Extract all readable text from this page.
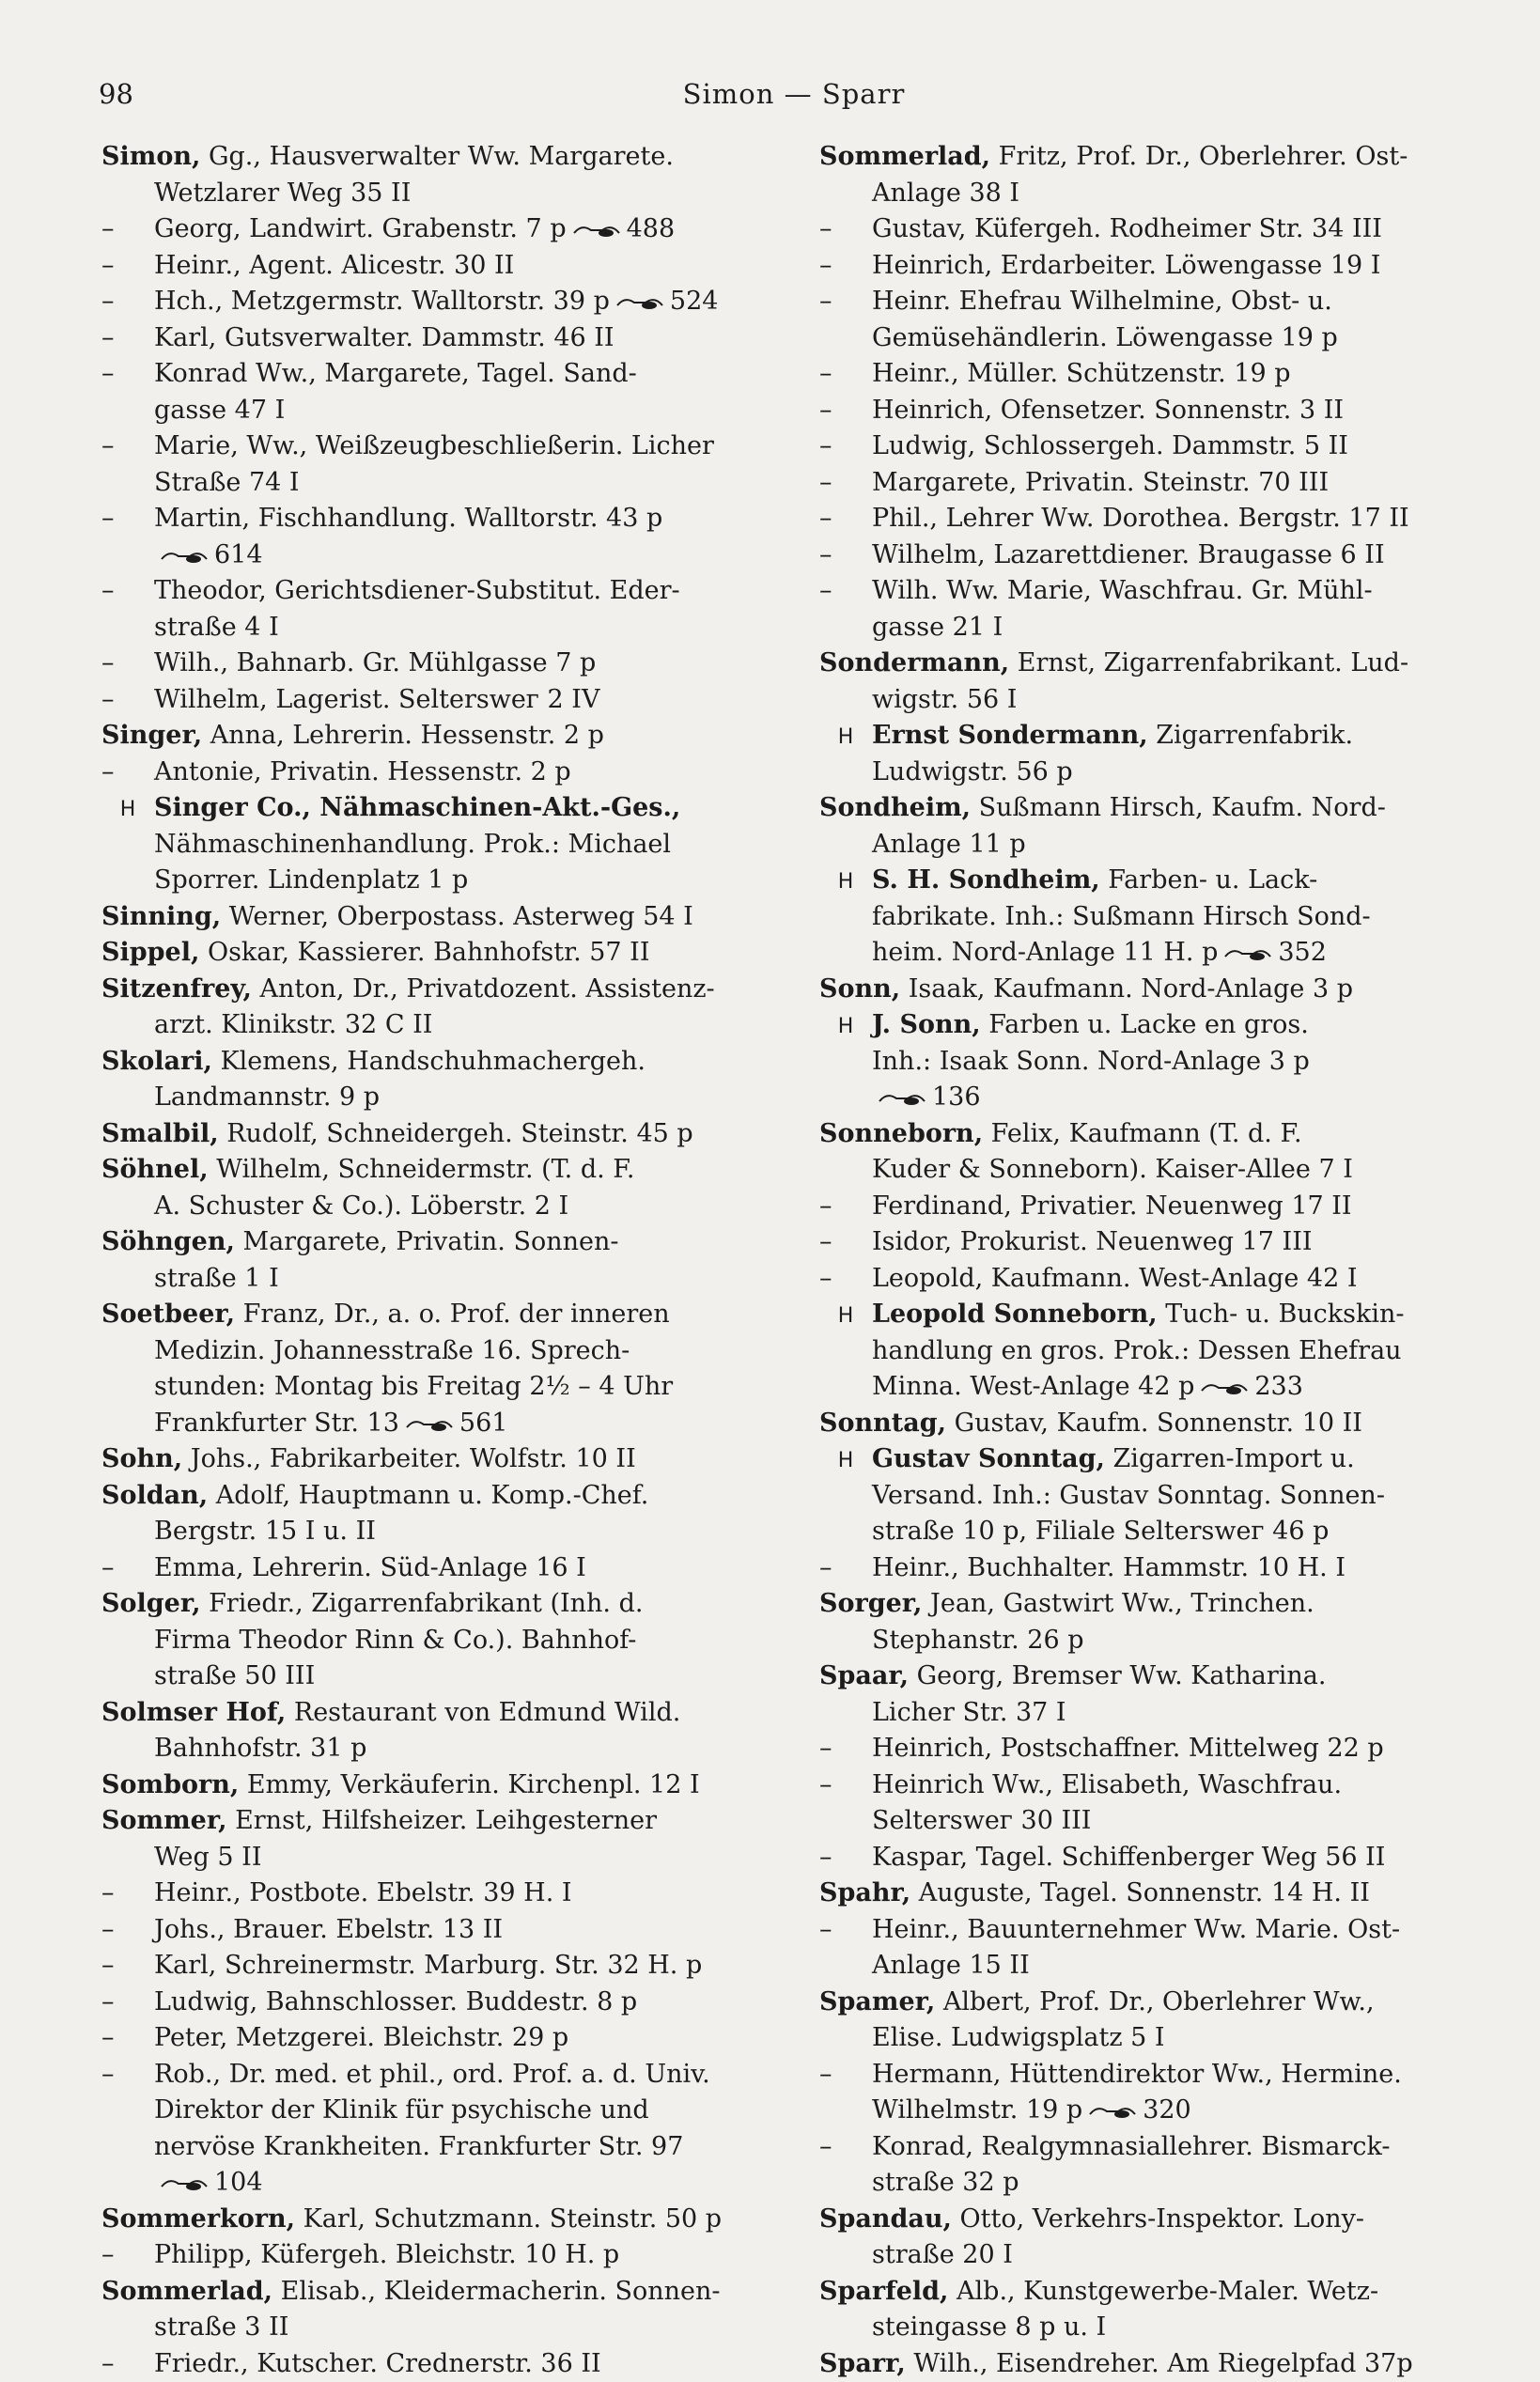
98	Simon — Sparr
Simon, Gg., Hausverwalter Ww. Margarete.
Wetzlarer Weg 35 II
– Georg, Landwirt. Grabenstr. 7 p 488
– Heinr., Agent. Alicestr. 30 II
– Hch., Metzgermstr. Walltorstr. 39 p 524
– Karl, Gutsverwalter. Dammstr. 46 II
– Konrad Ww., Margarete, Tagel. Sand-
gasse 47 I
– Marie, Ww., Weißzeugbeschließerin. Licher
Straße 74 I
– Martin, Fischhandlung. Walltorstr. 43 p
614
– Theodor, Gerichtsdiener-Substitut. Eder-
straße 4 I
– Wilh., Bahnarb. Gr. Mühlgasse 7 p
– Wilhelm, Lagerist. Selterswег 2 IV
Singer, Anna, Lehrerin. Hessenstr. 2 p
– Antonie, Privatin. Hessenstr. 2 p
H Singer Co., Nähmaschinen-Akt.-Ges.,
Nähmaschinenhandlung. Prok.: Michael
Sporrer. Lindenplatz 1 p
Sinning, Werner, Oberpostass. Asterweg 54 I
Sippel, Oskar, Kassierer. Bahnhofstr. 57 II
Sitzenfrey, Anton, Dr., Privatdozent. Assistenz-
arzt. Klinikstr. 32 C II
Skolari, Klemens, Handschuhmachergeh.
Landmannstr. 9 p
Smalbil, Rudolf, Schneidergeh. Steinstr. 45 p
Söhnel, Wilhelm, Schneidermstr. (T. d. F.
A. Schuster & Co.). Löberstr. 2 I
Söhngen, Margarete, Privatin. Sonnen-
straße 1 I
Soetbeer, Franz, Dr., a. o. Prof. der inneren
Medizin. Johannesstraße 16. Sprech-
stunden: Montag bis Freitag 2½ – 4 Uhr
Frankfurter Str. 13 561
Sohn, Johs., Fabrikarbeiter. Wolfstr. 10 II
Soldan, Adolf, Hauptmann u. Komp.-Chef.
Bergstr. 15 I u. II
– Emma, Lehrerin. Süd-Anlage 16 I
Solger, Friedr., Zigarrenfabrikant (Inh. d.
Firma Theodor Rinn & Co.). Bahnhof-
straße 50 III
Solmser Hof, Restaurant von Edmund Wild.
Bahnhofstr. 31 p
Somborn, Emmy, Verkäuferin. Kirchenpl. 12 I
Sommer, Ernst, Hilfsheizer. Leihgesterner
Weg 5 II
– Heinr., Postbote. Ebelstr. 39 H. I
– Johs., Brauer. Ebelstr. 13 II
– Karl, Schreinermstr. Marburg. Str. 32 H. p
– Ludwig, Bahnschlosser. Buddestr. 8 p
– Peter, Metzgerei. Bleichstr. 29 p
– Rob., Dr. med. et phil., ord. Prof. a. d. Univ.
Direktor der Klinik für psychische und
nervöse Krankheiten. Frankfurter Str. 97
104
Sommerkorn, Karl, Schutzmann. Steinstr. 50 p
– Philipp, Küfergeh. Bleichstr. 10 H. p
Sommerlad, Elisab., Kleidermacherin. Sonnen-
straße 3 II
– Friedr., Kutscher. Crednerstr. 36 II
Sommerlad, Fritz, Prof. Dr., Oberlehrer. Ost-
Anlage 38 I
– Gustav, Küfergeh. Rodheimer Str. 34 III
– Heinrich, Erdarbeiter. Löwengasse 19 I
– Heinr. Ehefrau Wilhelmine, Obst- u.
Gemüsehändlerin. Löwengasse 19 p
– Heinr., Müller. Schützenstr. 19 p
– Heinrich, Ofensetzer. Sonnenstr. 3 II
– Ludwig, Schlossergeh. Dammstr. 5 II
– Margarete, Privatin. Steinstr. 70 III
– Phil., Lehrer Ww. Dorothea. Bergstr. 17 II
– Wilhelm, Lazarettdiener. Braugasse 6 II
– Wilh. Ww. Marie, Waschfrau. Gr. Mühl-
gasse 21 I
Sondermann, Ernst, Zigarrenfabrikant. Lud-
wigstr. 56 I
H Ernst Sondermann, Zigarrenfabrik.
Ludwigstr. 56 p
Sondheim, Sußmann Hirsch, Kaufm. Nord-
Anlage 11 p
H S. H. Sondheim, Farben- u. Lack-
fabrikate. Inh.: Sußmann Hirsch Sond-
heim. Nord-Anlage 11 H. p 352
Sonn, Isaak, Kaufmann. Nord-Anlage 3 p
H J. Sonn, Farben u. Lacke en gros.
Inh.: Isaak Sonn. Nord-Anlage 3 p
136
Sonneborn, Felix, Kaufmann (T. d. F.
Kuder & Sonneborn). Kaiser-Allee 7 I
– Ferdinand, Privatier. Neuenweg 17 II
– Isidor, Prokurist. Neuenweg 17 III
– Leopold, Kaufmann. West-Anlage 42 I
H Leopold Sonneborn, Tuch- u. Buckskin-
handlung en gros. Prok.: Dessen Ehefrau
Minna. West-Anlage 42 p 233
Sonntag, Gustav, Kaufm. Sonnenstr. 10 II
H Gustav Sonntag, Zigarren-Import u.
Versand. Inh.: Gustav Sonntag. Sonnen-
straße 10 p, Filiale Selterswег 46 p
– Heinr., Buchhalter. Hammstr. 10 H. I
Sorger, Jean, Gastwirt Ww., Trinchen.
Stephanstr. 26 p
Spaar, Georg, Bremser Ww. Katharina.
Licher Str. 37 I
– Heinrich, Postschaffner. Mittelweg 22 p
– Heinrich Ww., Elisabeth, Waschfrau.
Selterswег 30 III
– Kaspar, Tagel. Schiffenberger Weg 56 II
Spahr, Auguste, Tagel. Sonnenstr. 14 H. II
– Heinr., Bauunternehmer Ww. Marie. Ost-
Anlage 15 II
Spamer, Albert, Prof. Dr., Oberlehrer Ww.,
Elise. Ludwigsplatz 5 I
– Hermann, Hüttendirektor Ww., Hermine.
Wilhelmstr. 19 p 320
– Konrad, Realgymnasiallehrer. Bismarck-
straße 32 p
Spandau, Otto, Verkehrs-Inspektor. Lony-
straße 20 I
Sparfeld, Alb., Kunstgewerbe-Maler. Wetz-
steingasse 8 p u. I
Sparr, Wilh., Eisendreher. Am Riegelpfad 37p
